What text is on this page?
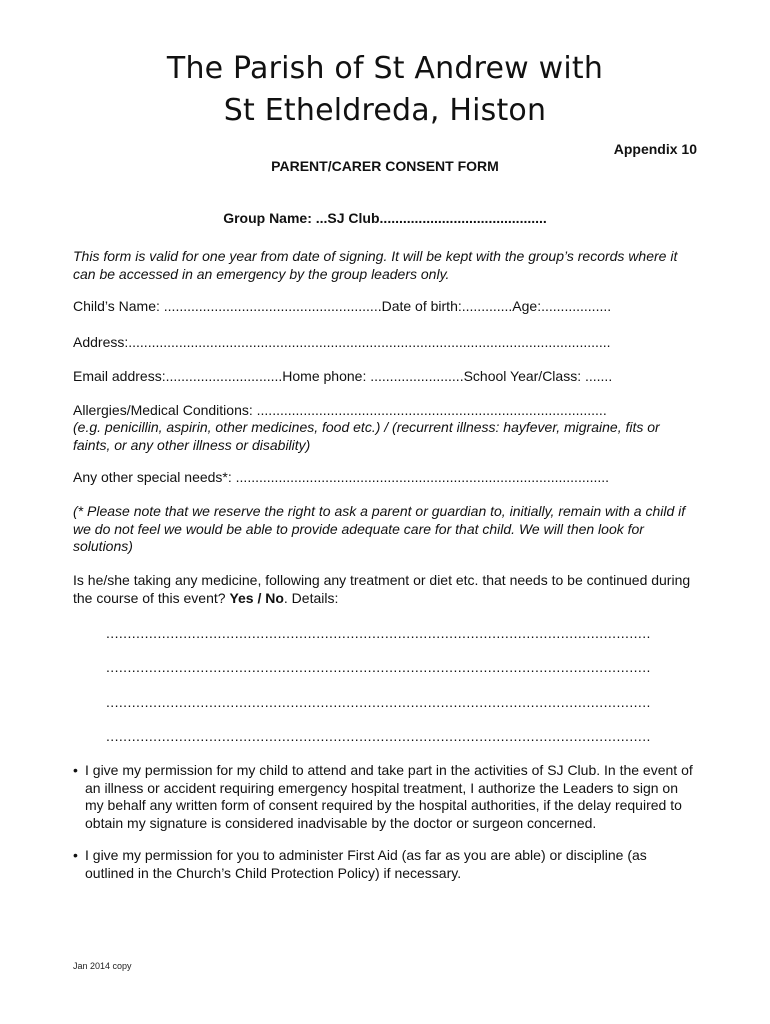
The Parish of St Andrew with
St Etheldreda, Histon
Appendix 10
PARENT/CARER CONSENT FORM
Group Name: ...SJ Club...........................................

This form is valid for one year from date of signing. It will be kept with the group’s records where it can be accessed in an emergency by the group leaders only.

Child’s Name: ........................................................Date of birth:.............Age:..................

Address:............................................................................................................................

Email address:..............................Home phone: ........................School Year/Class: .......

Allergies/Medical Conditions: ..........................................................................................

(e.g. penicillin, aspirin, other medicines, food etc.) / (recurrent illness: hayfever, migraine, fits or faints, or any other illness or disability)

Any other special needs*: ................................................................................................

(* Please note that we reserve the right to ask a parent or guardian to, initially, remain with a child if we do not feel we would be able to provide adequate care for that child. We will then look for solutions)

Is he/she taking any medicine, following any treatment or diet etc. that needs to be continued during the course of this event? Yes / No. Details:

...............................................................................................................................
...............................................................................................................................
...............................................................................................................................
...............................................................................................................................
• I give my permission for my child to attend and take part in the activities of SJ Club. In the event of an illness or accident requiring emergency hospital treatment, I authorize the Leaders to sign on my behalf any written form of consent required by the hospital authorities, if the delay required to obtain my signature is considered inadvisable by the doctor or surgeon concerned.
• I give my permission for you to administer First Aid (as far as you are able) or discipline (as outlined in the Church’s Child Protection Policy) if necessary.
Jan 2014 copy
